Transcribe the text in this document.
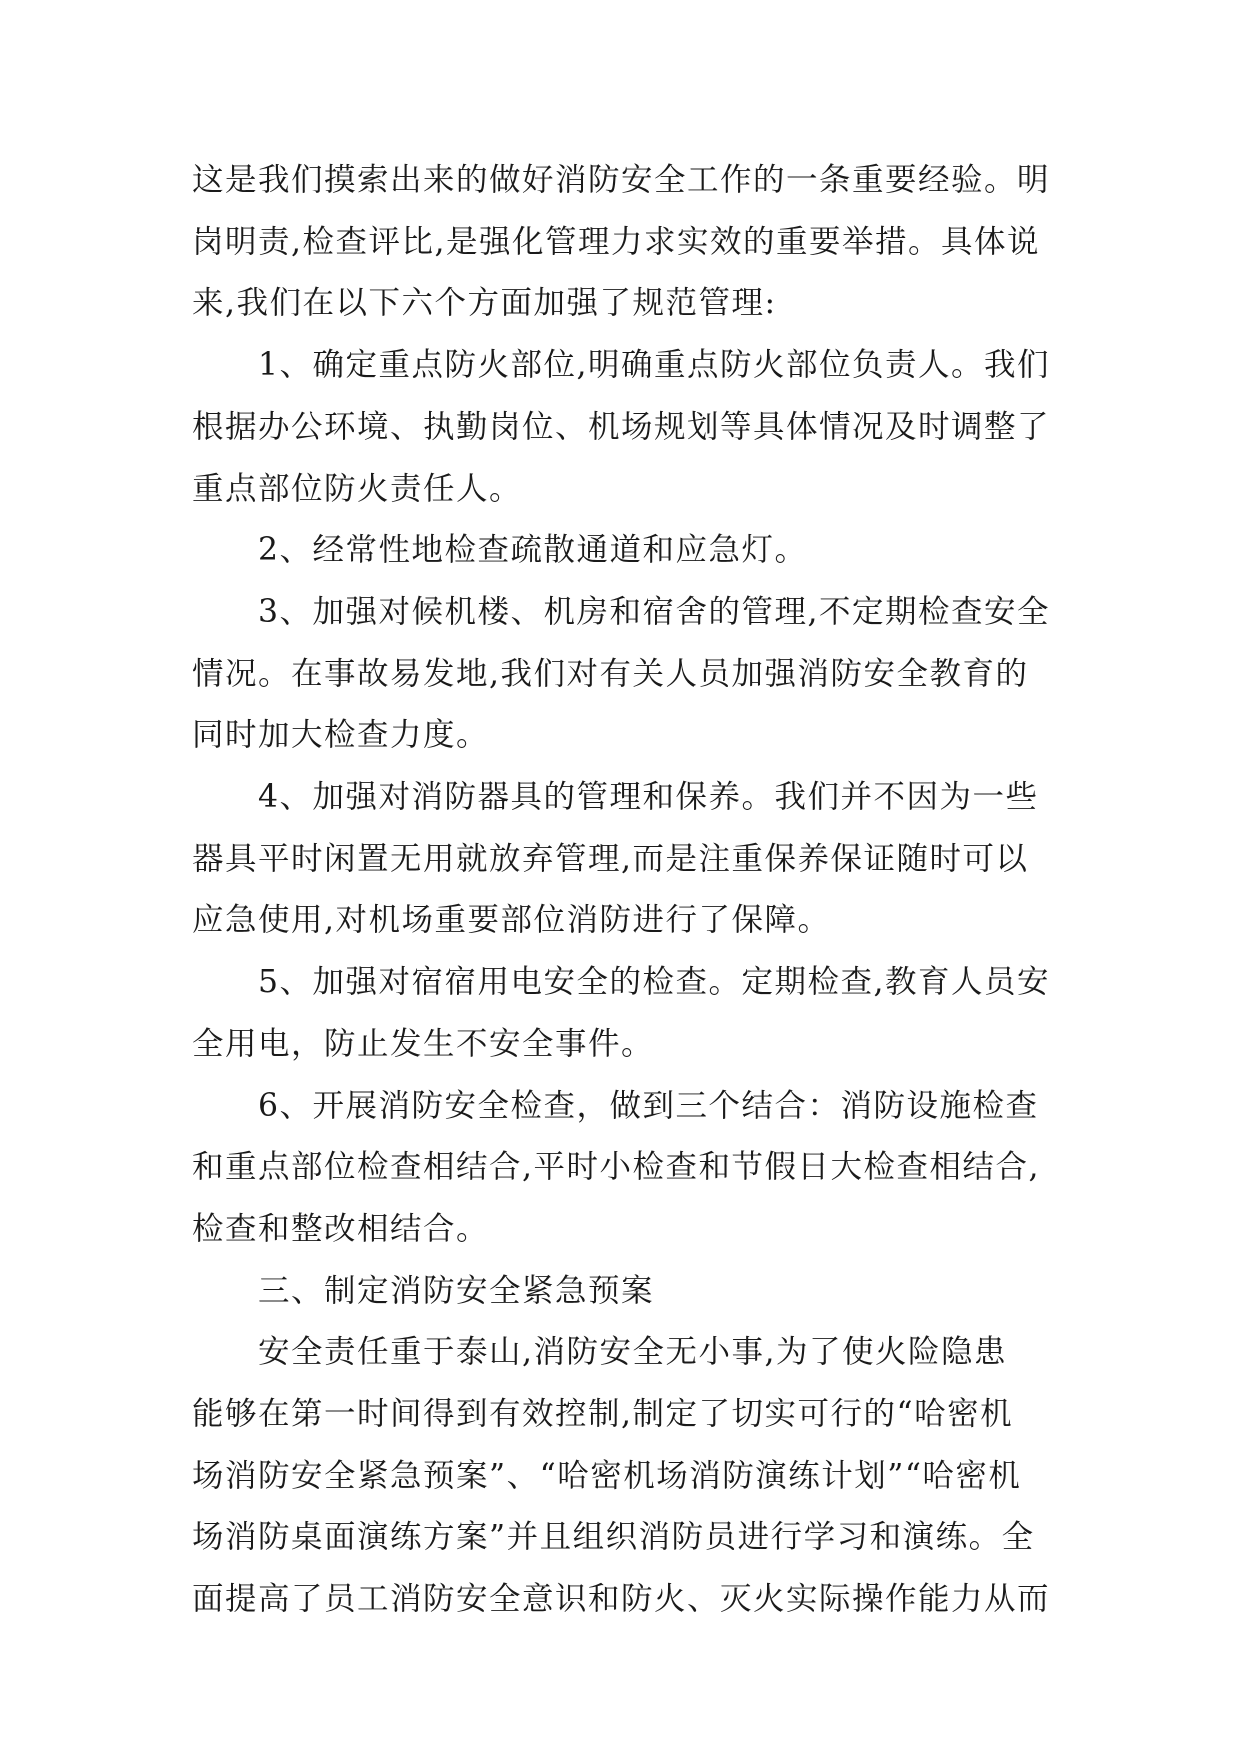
这是我们摸索出来的做好消防安全工作的一条重要经验。明
岗明责,检查评比,是强化管理力求实效的重要举措。具体说
来,我们在以下六个方面加强了规范管理:

1、确定重点防火部位,明确重点防火部位负责人。我们
根据办公环境、执勤岗位、机场规划等具体情况及时调整了
重点部位防火责任人。

2、经常性地检查疏散通道和应急灯。

3、加强对候机楼、机房和宿舍的管理,不定期检查安全
情况。在事故易发地,我们对有关人员加强消防安全教育的
同时加大检查力度。

4、加强对消防器具的管理和保养。我们并不因为一些
器具平时闲置无用就放弃管理,而是注重保养保证随时可以
应急使用,对机场重要部位消防进行了保障。

5、加强对宿宿用电安全的检查。定期检查,教育人员安
全用电，防止发生不安全事件。

6、开展消防安全检查，做到三个结合：消防设施检查
和重点部位检查相结合,平时小检查和节假日大检查相结合,
检查和整改相结合。

三、制定消防安全紧急预案

安全责任重于泰山,消防安全无小事,为了使火险隐患
能够在第一时间得到有效控制,制定了切实可行的“哈密机
场消防安全紧急预案”、“哈密机场消防演练计划”“哈密机
场消防桌面演练方案”并且组织消防员进行学习和演练。全
面提高了员工消防安全意识和防火、灭火实际操作能力从而
